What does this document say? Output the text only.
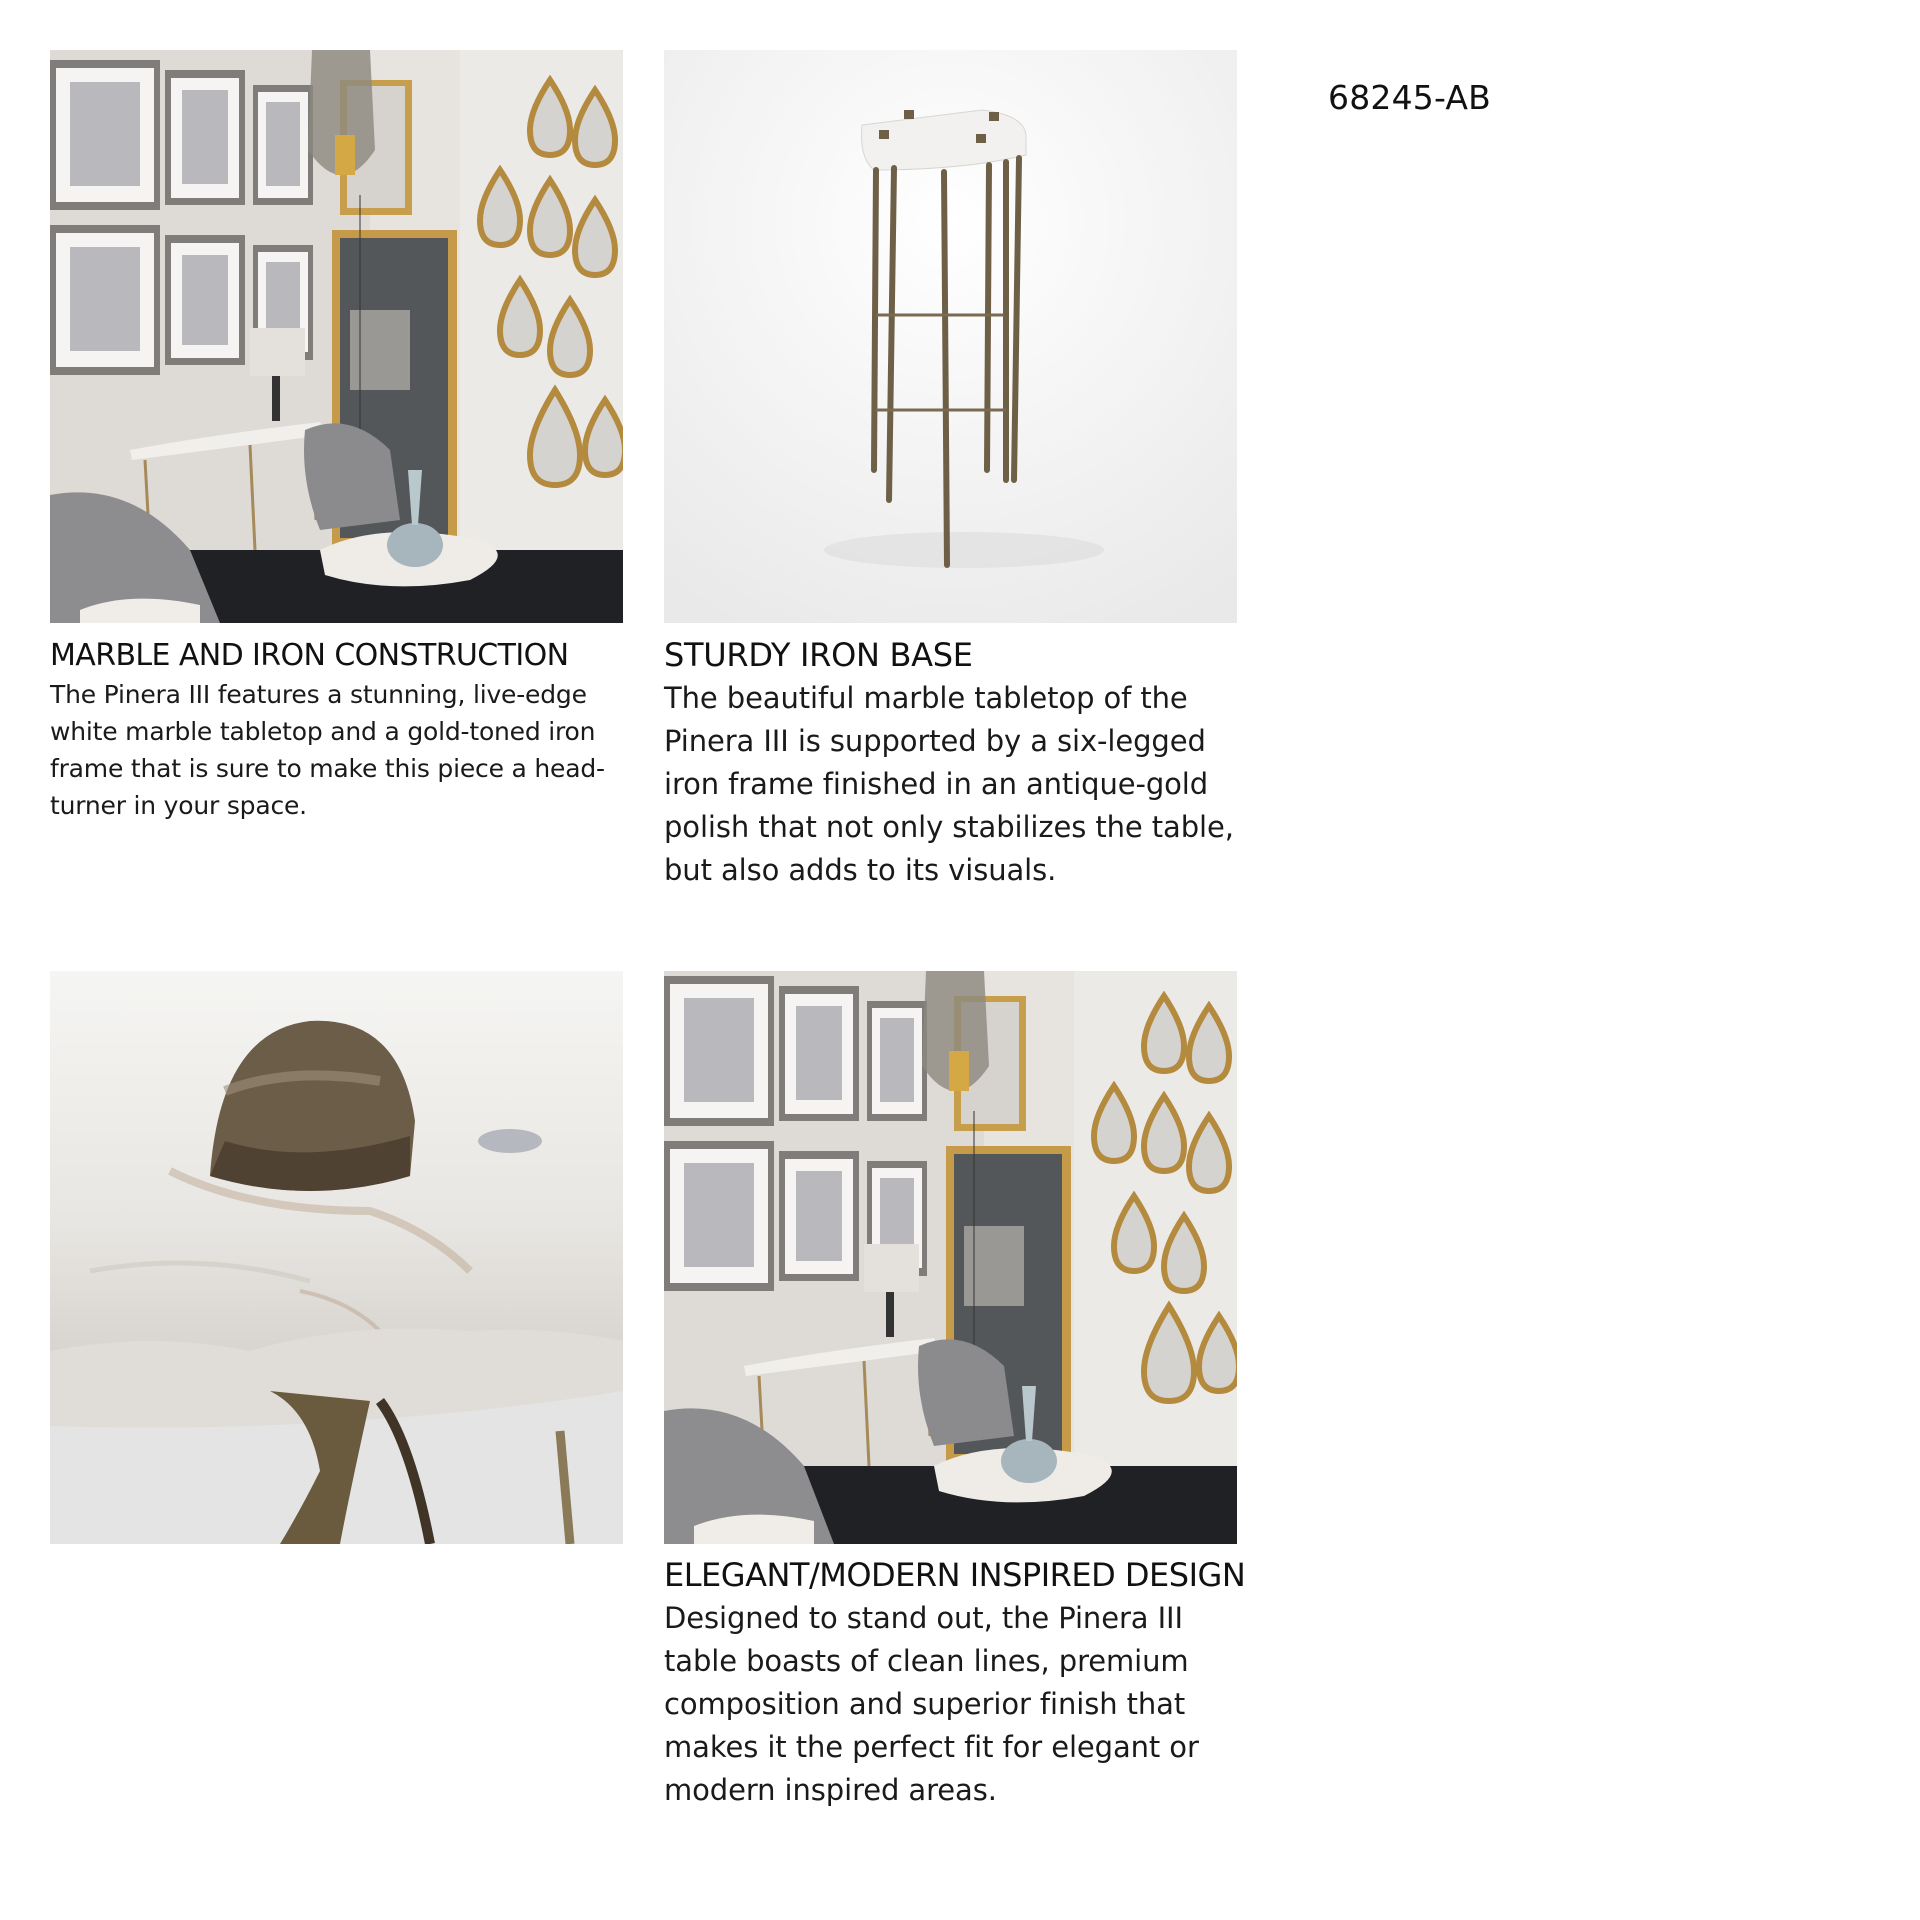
68245-AB
MARBLE AND IRON CONSTRUCTION

The Pinera III features a stunning, live-edge white marble tabletop and a gold-toned iron frame that is sure to make this piece a head-turner in your space.

STURDY IRON BASE

The beautiful marble tabletop of the Pinera III is supported by a six-legged iron frame finished in an antique-gold polish that not only stabilizes the table, but also adds to its visuals.

ELEGANT/MODERN INSPIRED DESIGN

Designed to stand out, the Pinera III table boasts of clean lines, premium composition and superior finish that makes it the perfect fit for elegant or modern inspired areas.
